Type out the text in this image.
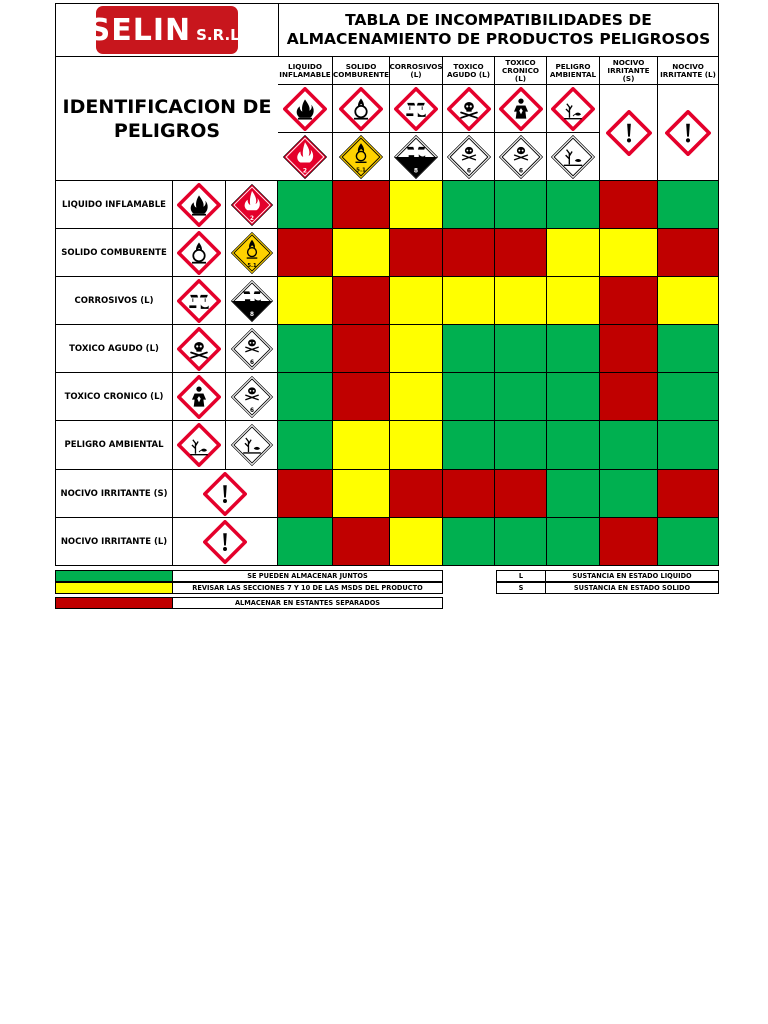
SELIN S.R.L.
TABLA DE INCOMPATIBILIDADES DE
ALMACENAMIENTO DE PRODUCTOS PELIGROSOS
IDENTIFICACION DE
PELIGROS
LIQUIDO
INFLAMABLE
2
SOLIDO
COMBURENTE
5.1
CORROSIVOS
(L)
8
TOXICO
AGUDO (L)
6
TOXICO
CRONICO (L)
6
PELIGRO
AMBIENTAL
NOCIVO
IRRITANTE (S)
NOCIVO
IRRITANTE (L)
LIQUIDO INFLAMABLE
2
SOLIDO COMBURENTE
5.1
CORROSIVOS (L)
8
TOXICO AGUDO (L)
6
TOXICO CRONICO (L)
6
PELIGRO AMBIENTAL
NOCIVO IRRITANTE (S)
NOCIVO IRRITANTE (L)
SE PUEDEN ALMACENAR JUNTOS
REVISAR LAS SECCIONES 7 Y 10 DE LAS MSDS DEL PRODUCTO
ALMACENAR EN ESTANTES SEPARADOS
L	SUSTANCIA EN ESTADO LIQUIDO
S	SUSTANCIA EN ESTADO SOLIDO
